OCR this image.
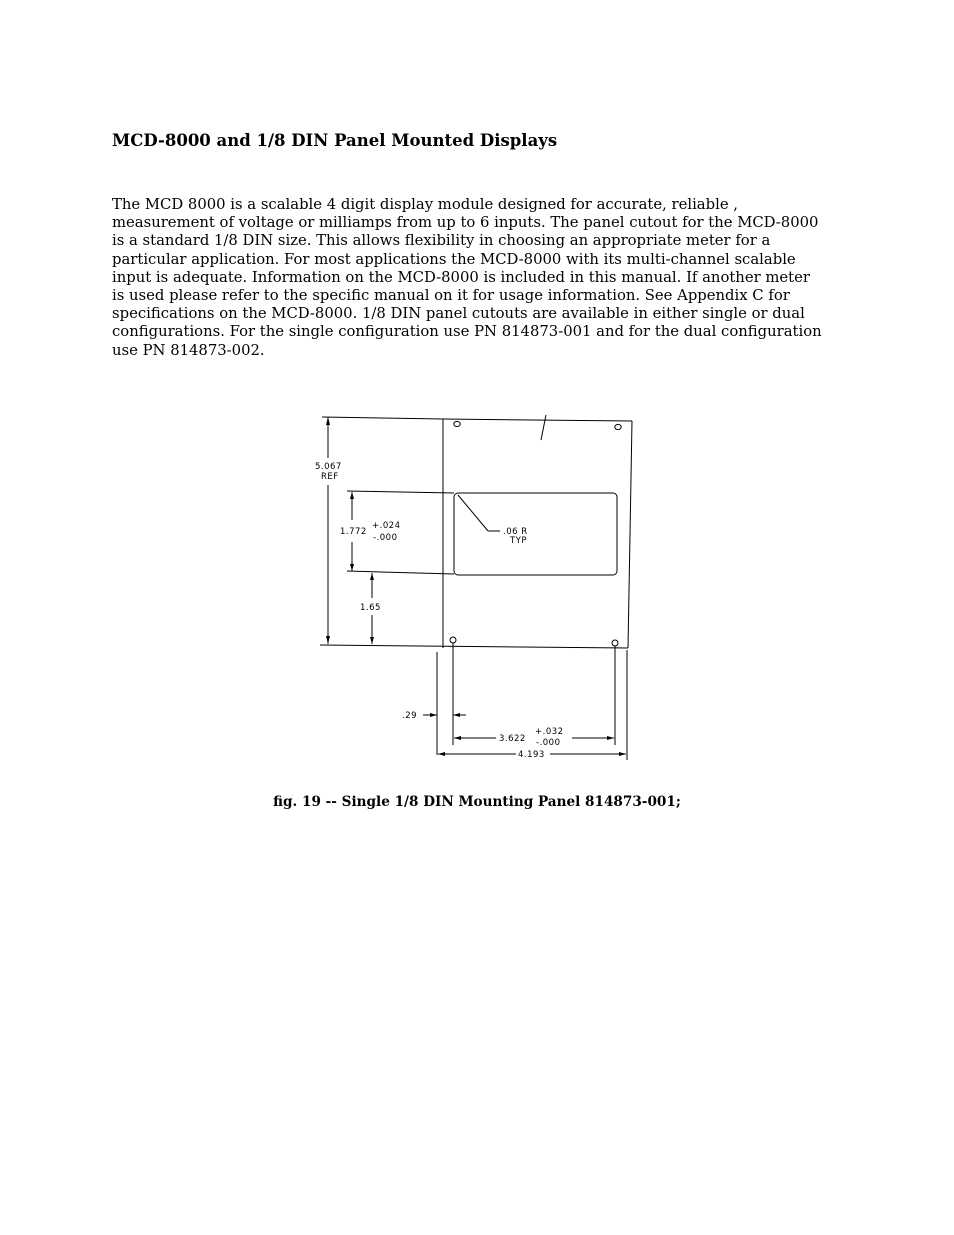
MCD-8000 and 1/8 DIN Panel Mounted Displays
The MCD 8000 is a scalable 4 digit display module designed for accurate, reliable ,
measurement of voltage or milliamps from up to 6 inputs. The panel cutout for the MCD-8000
is a standard 1/8 DIN size. This allows flexibility in choosing an appropriate meter for a
particular application. For most applications the MCD-8000 with its multi-channel scalable
input is adequate. Information on the MCD-8000 is included in this manual. If another meter
is used please refer to the specific manual on it for usage information. See Appendix C for
specifications on the MCD-8000. 1/8 DIN panel cutouts are available in either single or dual
configurations. For the single configuration use PN 814873-001 and for the dual configuration
use PN 814873-002.
5.067
REF
1.772
+.024
-.000
.06 R
TYP
1.65
.29
3.622
+.032
-.000
4.193
fig. 19 -- Single 1/8 DIN Mounting Panel 814873-001;
